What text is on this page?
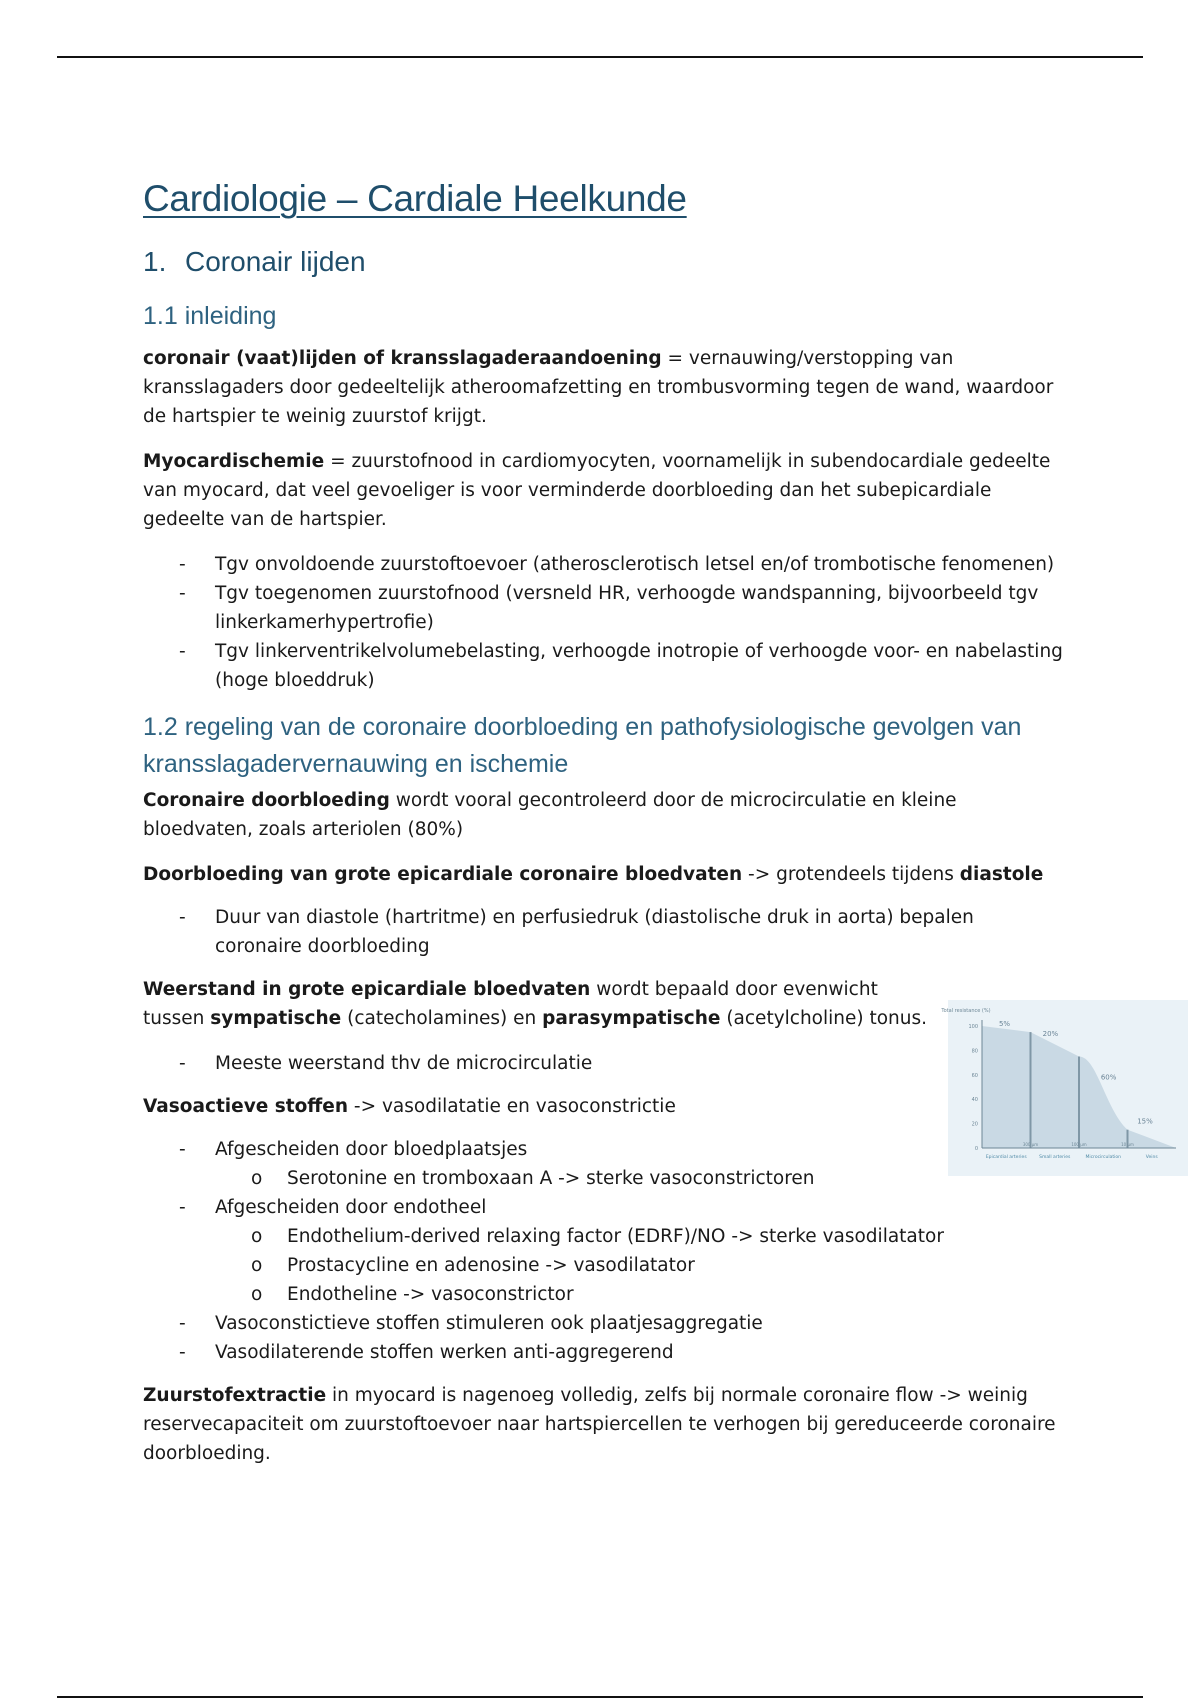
Cardiologie – Cardiale Heelkunde
1. Coronair lijden
1.1 inleiding

coronair (vaat)lijden of kransslagaderaandoening = vernauwing/verstopping van kransslagaders door gedeeltelijk atheroomafzetting en trombusvorming tegen de wand, waardoor de hartspier te weinig zuurstof krijgt.

Myocardischemie = zuurstofnood in cardiomyocyten, voornamelijk in subendocardiale gedeelte van myocard, dat veel gevoeliger is voor verminderde doorbloeding dan het subepicardiale gedeelte van de hartspier.

- Tgv onvoldoende zuurstoftoevoer (atherosclerotisch letsel en/of trombotische fenomenen)
- Tgv toegenomen zuurstofnood (versneld HR, verhoogde wandspanning, bijvoorbeeld tgv linkerkamerhypertrofie)
- Tgv linkerventrikelvolumebelasting, verhoogde inotropie of verhoogde voor- en nabelasting (hoge bloeddruk)
1.2 regeling van de coronaire doorbloeding en pathofysiologische gevolgen van kransslagadervernauwing en ischemie

Coronaire doorbloeding wordt vooral gecontroleerd door de microcirculatie en kleine bloedvaten, zoals arteriolen (80%)

Doorbloeding van grote epicardiale coronaire bloedvaten -> grotendeels tijdens diastole

- Duur van diastole (hartritme) en perfusiedruk (diastolische druk in aorta) bepalen coronaire doorbloeding

Weerstand in grote epicardiale bloedvaten wordt bepaald door evenwicht tussen sympatische (catecholamines) en parasympatische (acetylcholine) tonus.

- Meeste weerstand thv de microcirculatie

Vasoactieve stoffen -> vasodilatatie en vasoconstrictie

- Afgescheiden door bloedplaatsjes
o Serotonine en tromboxaan A -> sterke vasoconstrictoren
- Afgescheiden door endotheel
o Endothelium-derived relaxing factor (EDRF)/NO -> sterke vasodilatator
o Prostacycline en adenosine -> vasodilatator
o Endotheline -> vasoconstrictor
- Vasoconstictieve stoffen stimuleren ook plaatjesaggregatie
- Vasodilaterende stoffen werken anti-aggregerend

Zuurstofextractie in myocard is nagenoeg volledig, zelfs bij normale coronaire flow -> weinig reservecapaciteit om zuurstoftoevoer naar hartspiercellen te verhogen bij gereduceerde coronaire doorbloeding.

0
20
40
60
80
100
Total resistance (%)
5%
20%
60%
15%
300 µm	100 µm	10 µm
Epicardial arteries	Small arteries	Microcirculation	Veins
